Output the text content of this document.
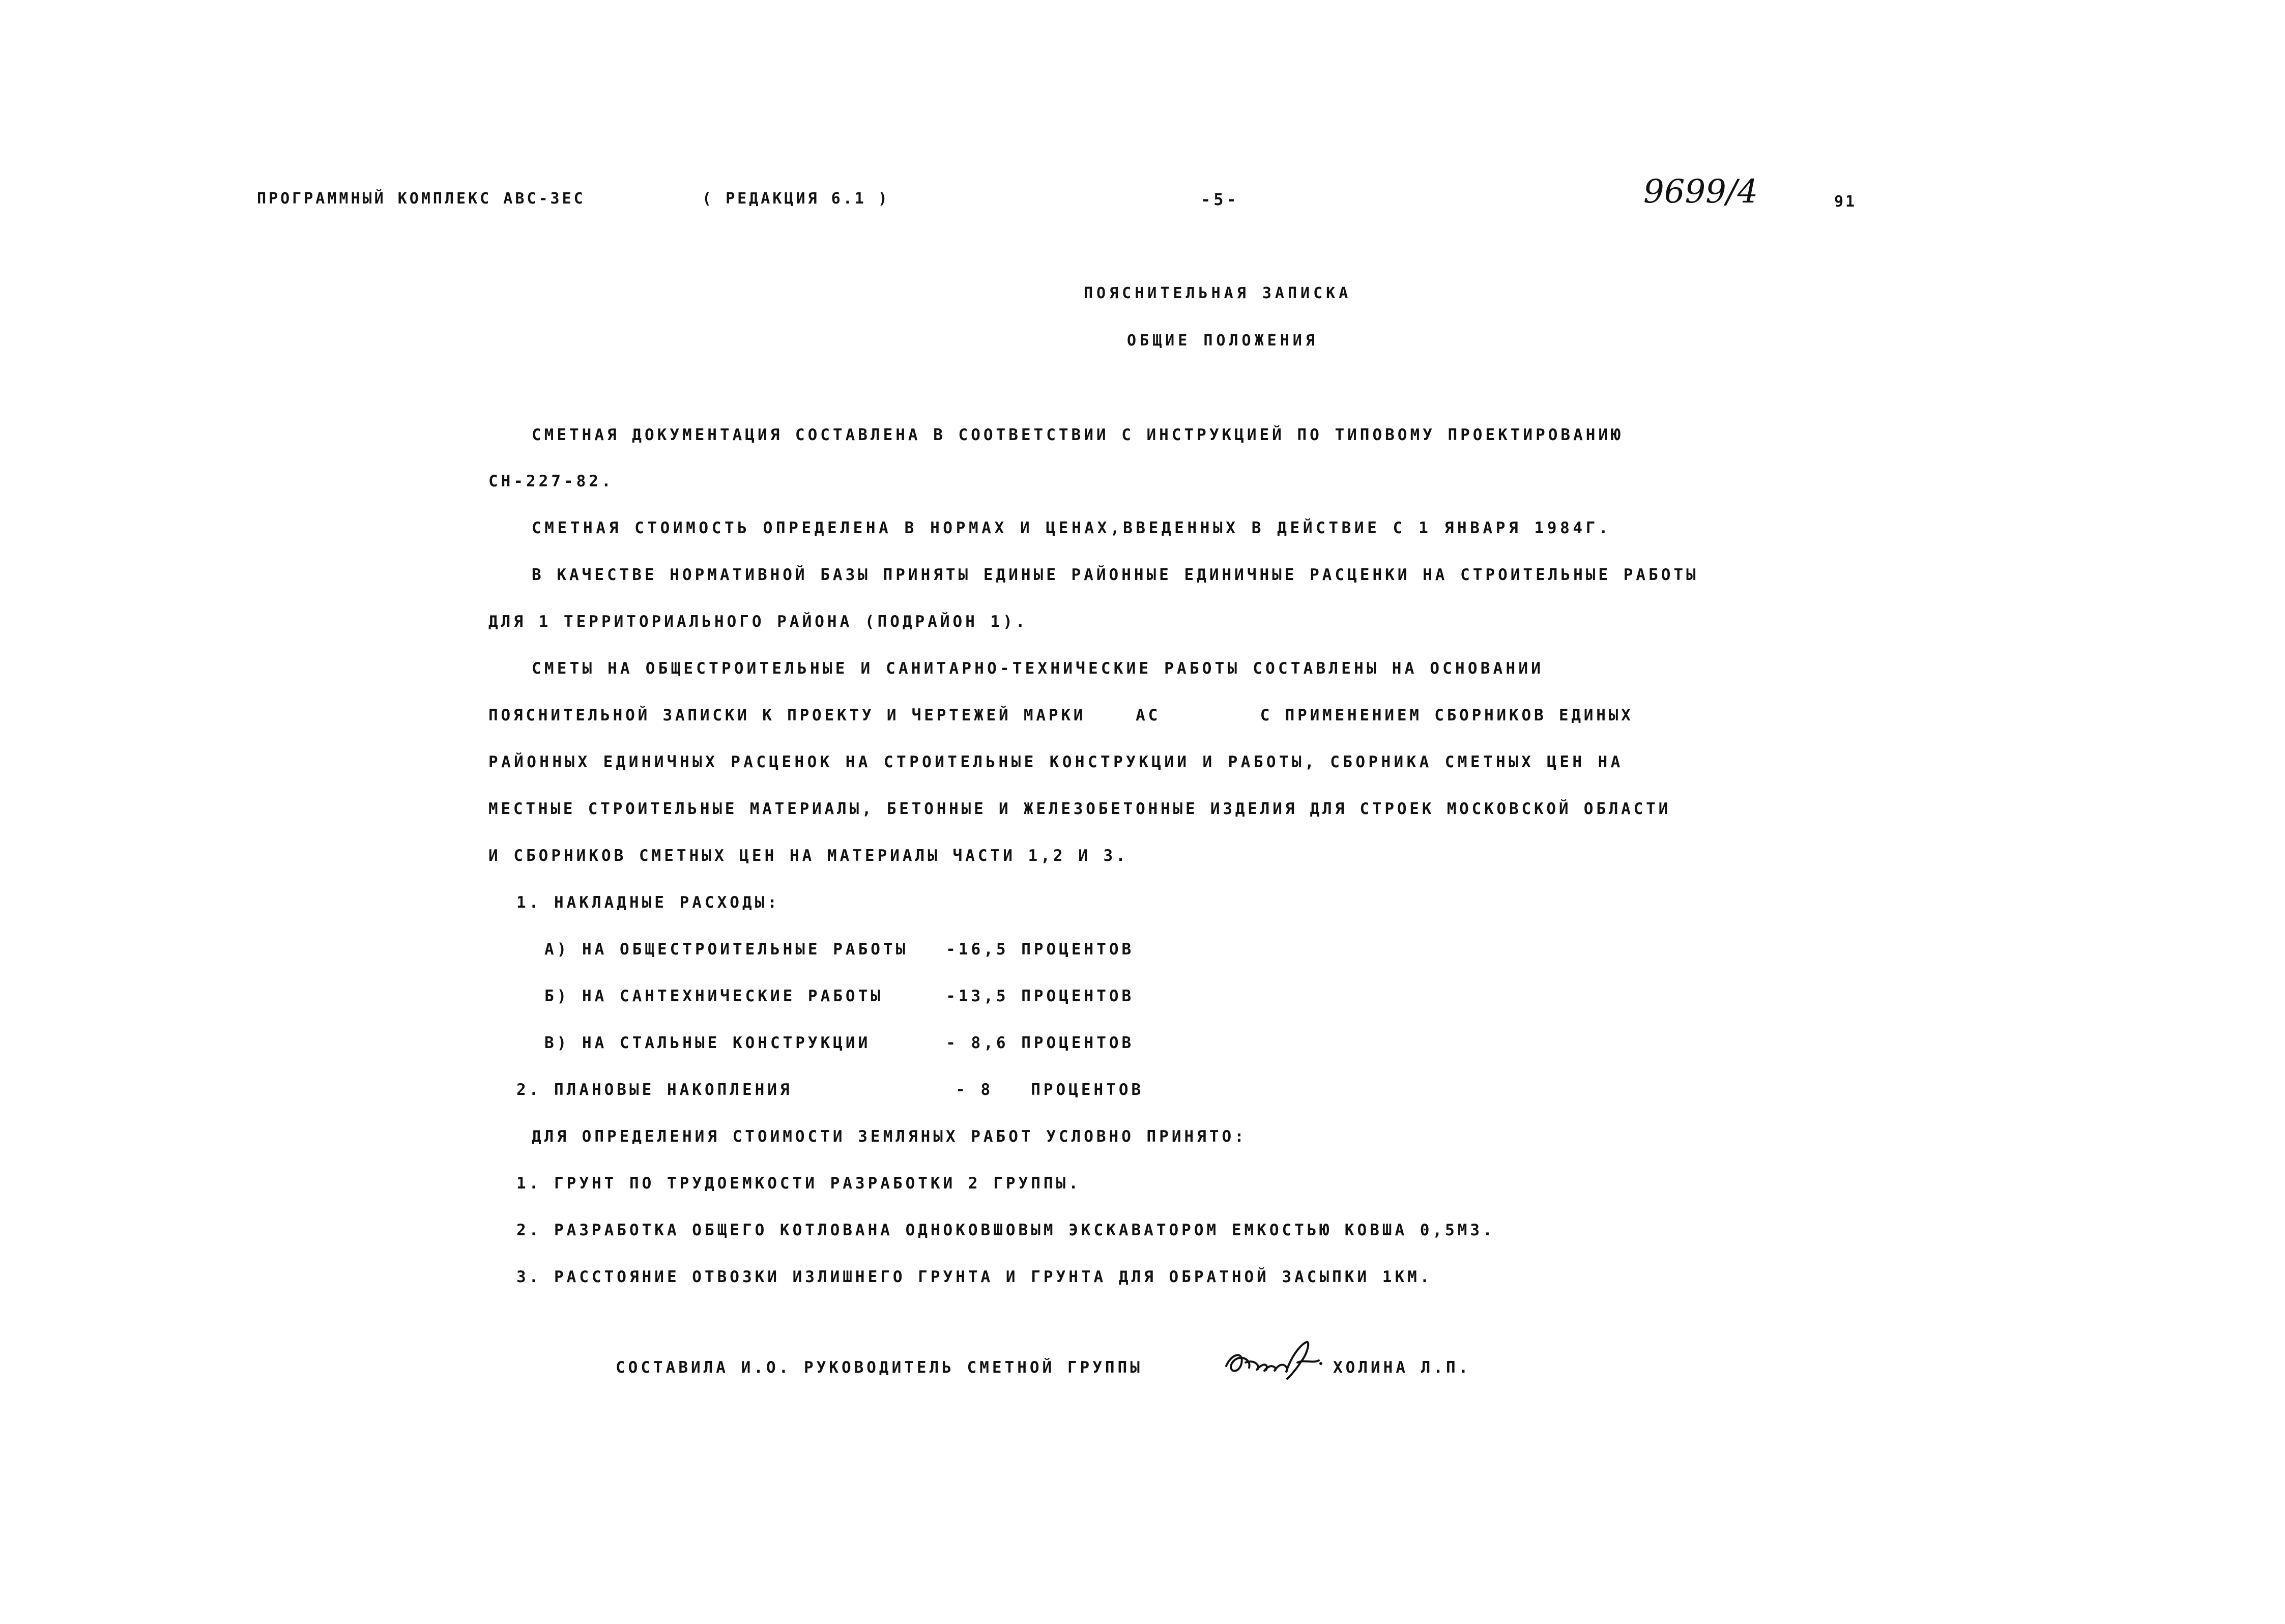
ПРОГРАММНЫЙ КОМПЛЕКС АВС-3ЕС	( РЕДАКЦИЯ 6.1 )	-5-	9699/4	91
ПОЯСНИТЕЛЬНАЯ ЗАПИСКА
ОБЩИЕ ПОЛОЖЕНИЯ
СМЕТНАЯ ДОКУМЕНТАЦИЯ СОСТАВЛЕНА В СООТВЕТСТВИИ С ИНСТРУКЦИЕЙ ПО ТИПОВОМУ ПРОЕКТИРОВАНИЮ
СН-227-82.
СМЕТНАЯ СТОИМОСТЬ ОПРЕДЕЛЕНА В НОРМАХ И ЦЕНАХ,ВВЕДЕННЫХ В ДЕЙСТВИЕ С 1 ЯНВАРЯ 1984Г.
В КАЧЕСТВЕ НОРМАТИВНОЙ БАЗЫ ПРИНЯТЫ ЕДИНЫЕ РАЙОННЫЕ ЕДИНИЧНЫЕ РАСЦЕНКИ НА СТРОИТЕЛЬНЫЕ РАБОТЫ
ДЛЯ 1 ТЕРРИТОРИАЛЬНОГО РАЙОНА (ПОДРАЙОН 1).
СМЕТЫ НА ОБЩЕСТРОИТЕЛЬНЫЕ И САНИТАРНО-ТЕХНИЧЕСКИЕ РАБОТЫ СОСТАВЛЕНЫ НА ОСНОВАНИИ
ПОЯСНИТЕЛЬНОЙ ЗАПИСКИ К ПРОЕКТУ И ЧЕРТЕЖЕЙ МАРКИ    АС        С ПРИМЕНЕНИЕМ СБОРНИКОВ ЕДИНЫХ
РАЙОННЫХ ЕДИНИЧНЫХ РАСЦЕНОК НА СТРОИТЕЛЬНЫЕ КОНСТРУКЦИИ И РАБОТЫ, СБОРНИКА СМЕТНЫХ ЦЕН НА
МЕСТНЫЕ СТРОИТЕЛЬНЫЕ МАТЕРИАЛЫ, БЕТОННЫЕ И ЖЕЛЕЗОБЕТОННЫЕ ИЗДЕЛИЯ ДЛЯ СТРОЕК МОСКОВСКОЙ ОБЛАСТИ
И СБОРНИКОВ СМЕТНЫХ ЦЕН НА МАТЕРИАЛЫ ЧАСТИ 1,2 И 3.
1. НАКЛАДНЫЕ РАСХОДЫ:
А) НА ОБЩЕСТРОИТЕЛЬНЫЕ РАБОТЫ   -16,5 ПРОЦЕНТОВ
Б) НА САНТЕХНИЧЕСКИЕ РАБОТЫ     -13,5 ПРОЦЕНТОВ
В) НА СТАЛЬНЫЕ КОНСТРУКЦИИ      - 8,6 ПРОЦЕНТОВ
2. ПЛАНОВЫЕ НАКОПЛЕНИЯ             - 8   ПРОЦЕНТОВ
ДЛЯ ОПРЕДЕЛЕНИЯ СТОИМОСТИ ЗЕМЛЯНЫХ РАБОТ УСЛОВНО ПРИНЯТО:
1. ГРУНТ ПО ТРУДОЕМКОСТИ РАЗРАБОТКИ 2 ГРУППЫ.
2. РАЗРАБОТКА ОБЩЕГО КОТЛОВАНА ОДНОКОВШОВЫМ ЭКСКАВАТОРОМ ЕМКОСТЬЮ КОВША 0,5М3.
3. РАССТОЯНИЕ ОТВОЗКИ ИЗЛИШНЕГО ГРУНТА И ГРУНТА ДЛЯ ОБРАТНОЙ ЗАСЫПКИ 1КМ.
СОСТАВИЛА И.О. РУКОВОДИТЕЛЬ СМЕТНОЙ ГРУППЫ	ХОЛИНА Л.П.
